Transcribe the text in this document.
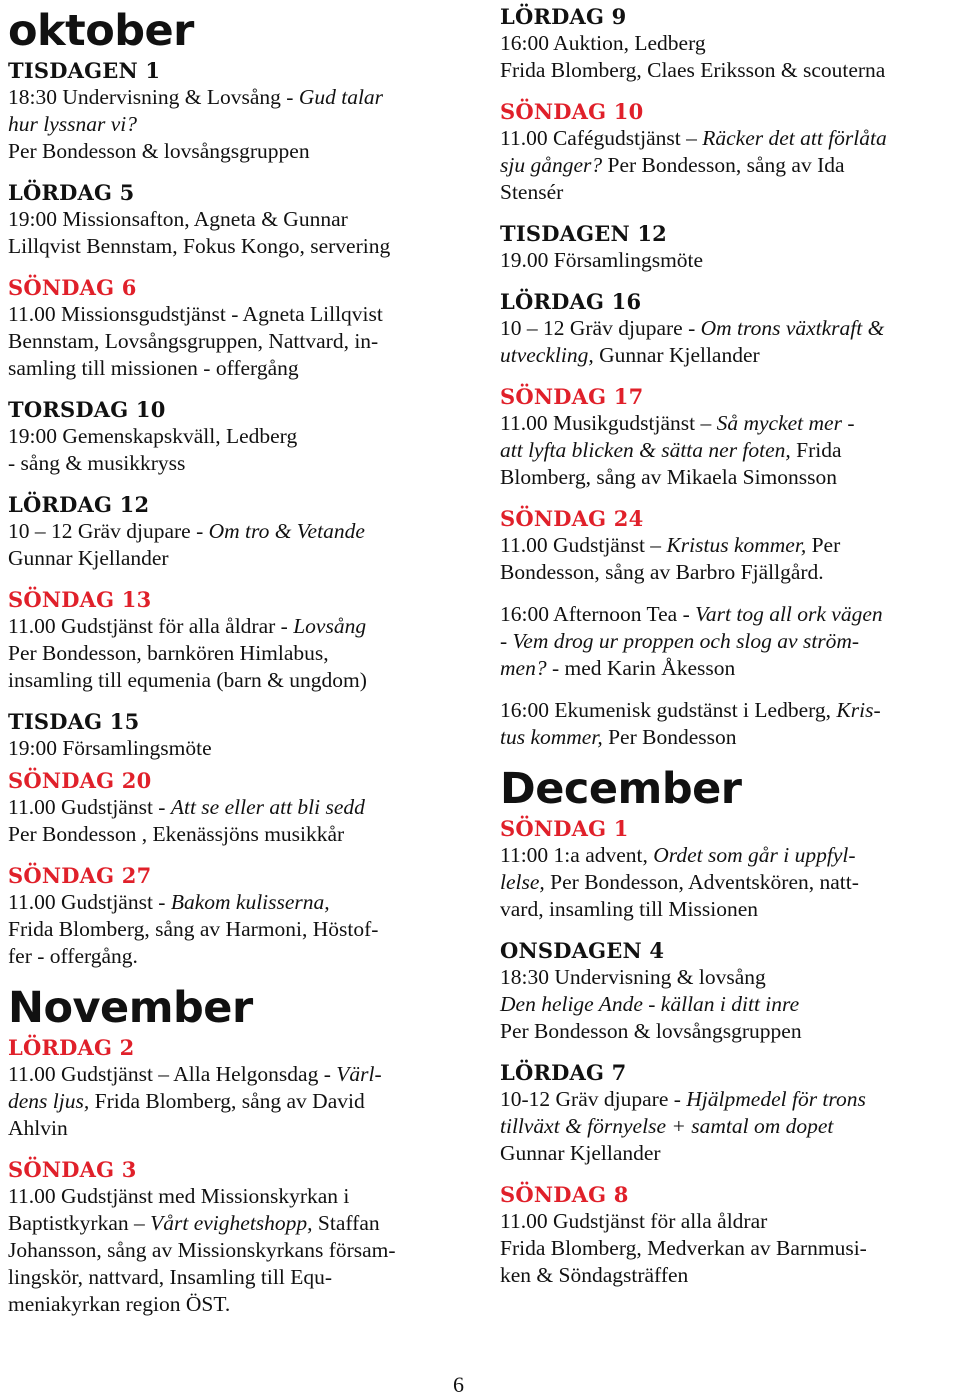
oktober
TISDAGEN 1
18:30 Undervisning & Lovsång - Gud talar
hur lyssnar vi?
Per Bondesson & lovsångsgruppen
LÖRDAG 5
19:00 Missionsafton, Agneta & Gunnar
Lillqvist Bennstam, Fokus Kongo, servering
SÖNDAG 6
11.00 Missionsgudstjänst - Agneta Lillqvist
Bennstam, Lovsångsgruppen, Nattvard, in-
samling till missionen - offergång
TORSDAG 10
19:00 Gemenskapskväll, Ledberg
- sång & musikkryss
LÖRDAG 12
10 – 12 Gräv djupare - Om tro & Vetande
Gunnar Kjellander
SÖNDAG 13
11.00 Gudstjänst för alla åldrar - Lovsång
Per Bondesson, barnkören Himlabus,
insamling till equmenia (barn & ungdom)
TISDAG 15
19:00 Församlingsmöte
SÖNDAG 20
11.00 Gudstjänst - Att se eller att bli sedd
Per Bondesson , Ekenässjöns musikkår
SÖNDAG 27
11.00 Gudstjänst - Bakom kulisserna,
Frida Blomberg, sång av Harmoni, Höstof-
fer - offergång.
November
LÖRDAG 2
11.00 Gudstjänst – Alla Helgonsdag - Värl-
dens ljus, Frida Blomberg, sång av David
Ahlvin
SÖNDAG 3
11.00 Gudstjänst med Missionskyrkan i
Baptistkyrkan – Vårt evighetshopp, Staffan
Johansson, sång av Missionskyrkans försam-
lingskör, nattvard, Insamling till Equ-
meniakyrkan region ÖST.
LÖRDAG 9
16:00 Auktion, Ledberg
Frida Blomberg, Claes Eriksson & scouterna
SÖNDAG 10
11.00 Cafégudstjänst – Räcker det att förlåta
sju gånger? Per Bondesson, sång av Ida
Stensér
TISDAGEN 12
19.00 Församlingsmöte
LÖRDAG 16
10 – 12 Gräv djupare - Om trons växtkraft &
utveckling, Gunnar Kjellander
SÖNDAG 17
11.00 Musikgudstjänst – Så mycket mer -
att lyfta blicken & sätta ner foten, Frida
Blomberg, sång av Mikaela Simonsson
SÖNDAG 24
11.00 Gudstjänst – Kristus kommer, Per
Bondesson, sång av Barbro Fjällgård.
16:00 Afternoon Tea - Vart tog all ork vägen
- Vem drog ur proppen och slog av ström-
men? - med Karin Åkesson
16:00 Ekumenisk gudstänst i Ledberg, Kris-
tus kommer, Per Bondesson
December
SÖNDAG 1
11:00 1:a advent, Ordet som går i uppfyl-
lelse, Per Bondesson, Adventskören, natt-
vard, insamling till Missionen
ONSDAGEN 4
18:30 Undervisning & lovsång
Den helige Ande - källan i ditt inre
Per Bondesson & lovsångsgruppen
LÖRDAG 7
10-12 Gräv djupare - Hjälpmedel för trons
tillväxt & förnyelse + samtal om dopet
Gunnar Kjellander
SÖNDAG 8
11.00 Gudstjänst för alla åldrar
Frida Blomberg, Medverkan av Barnmusi-
ken & Söndagsträffen
6
